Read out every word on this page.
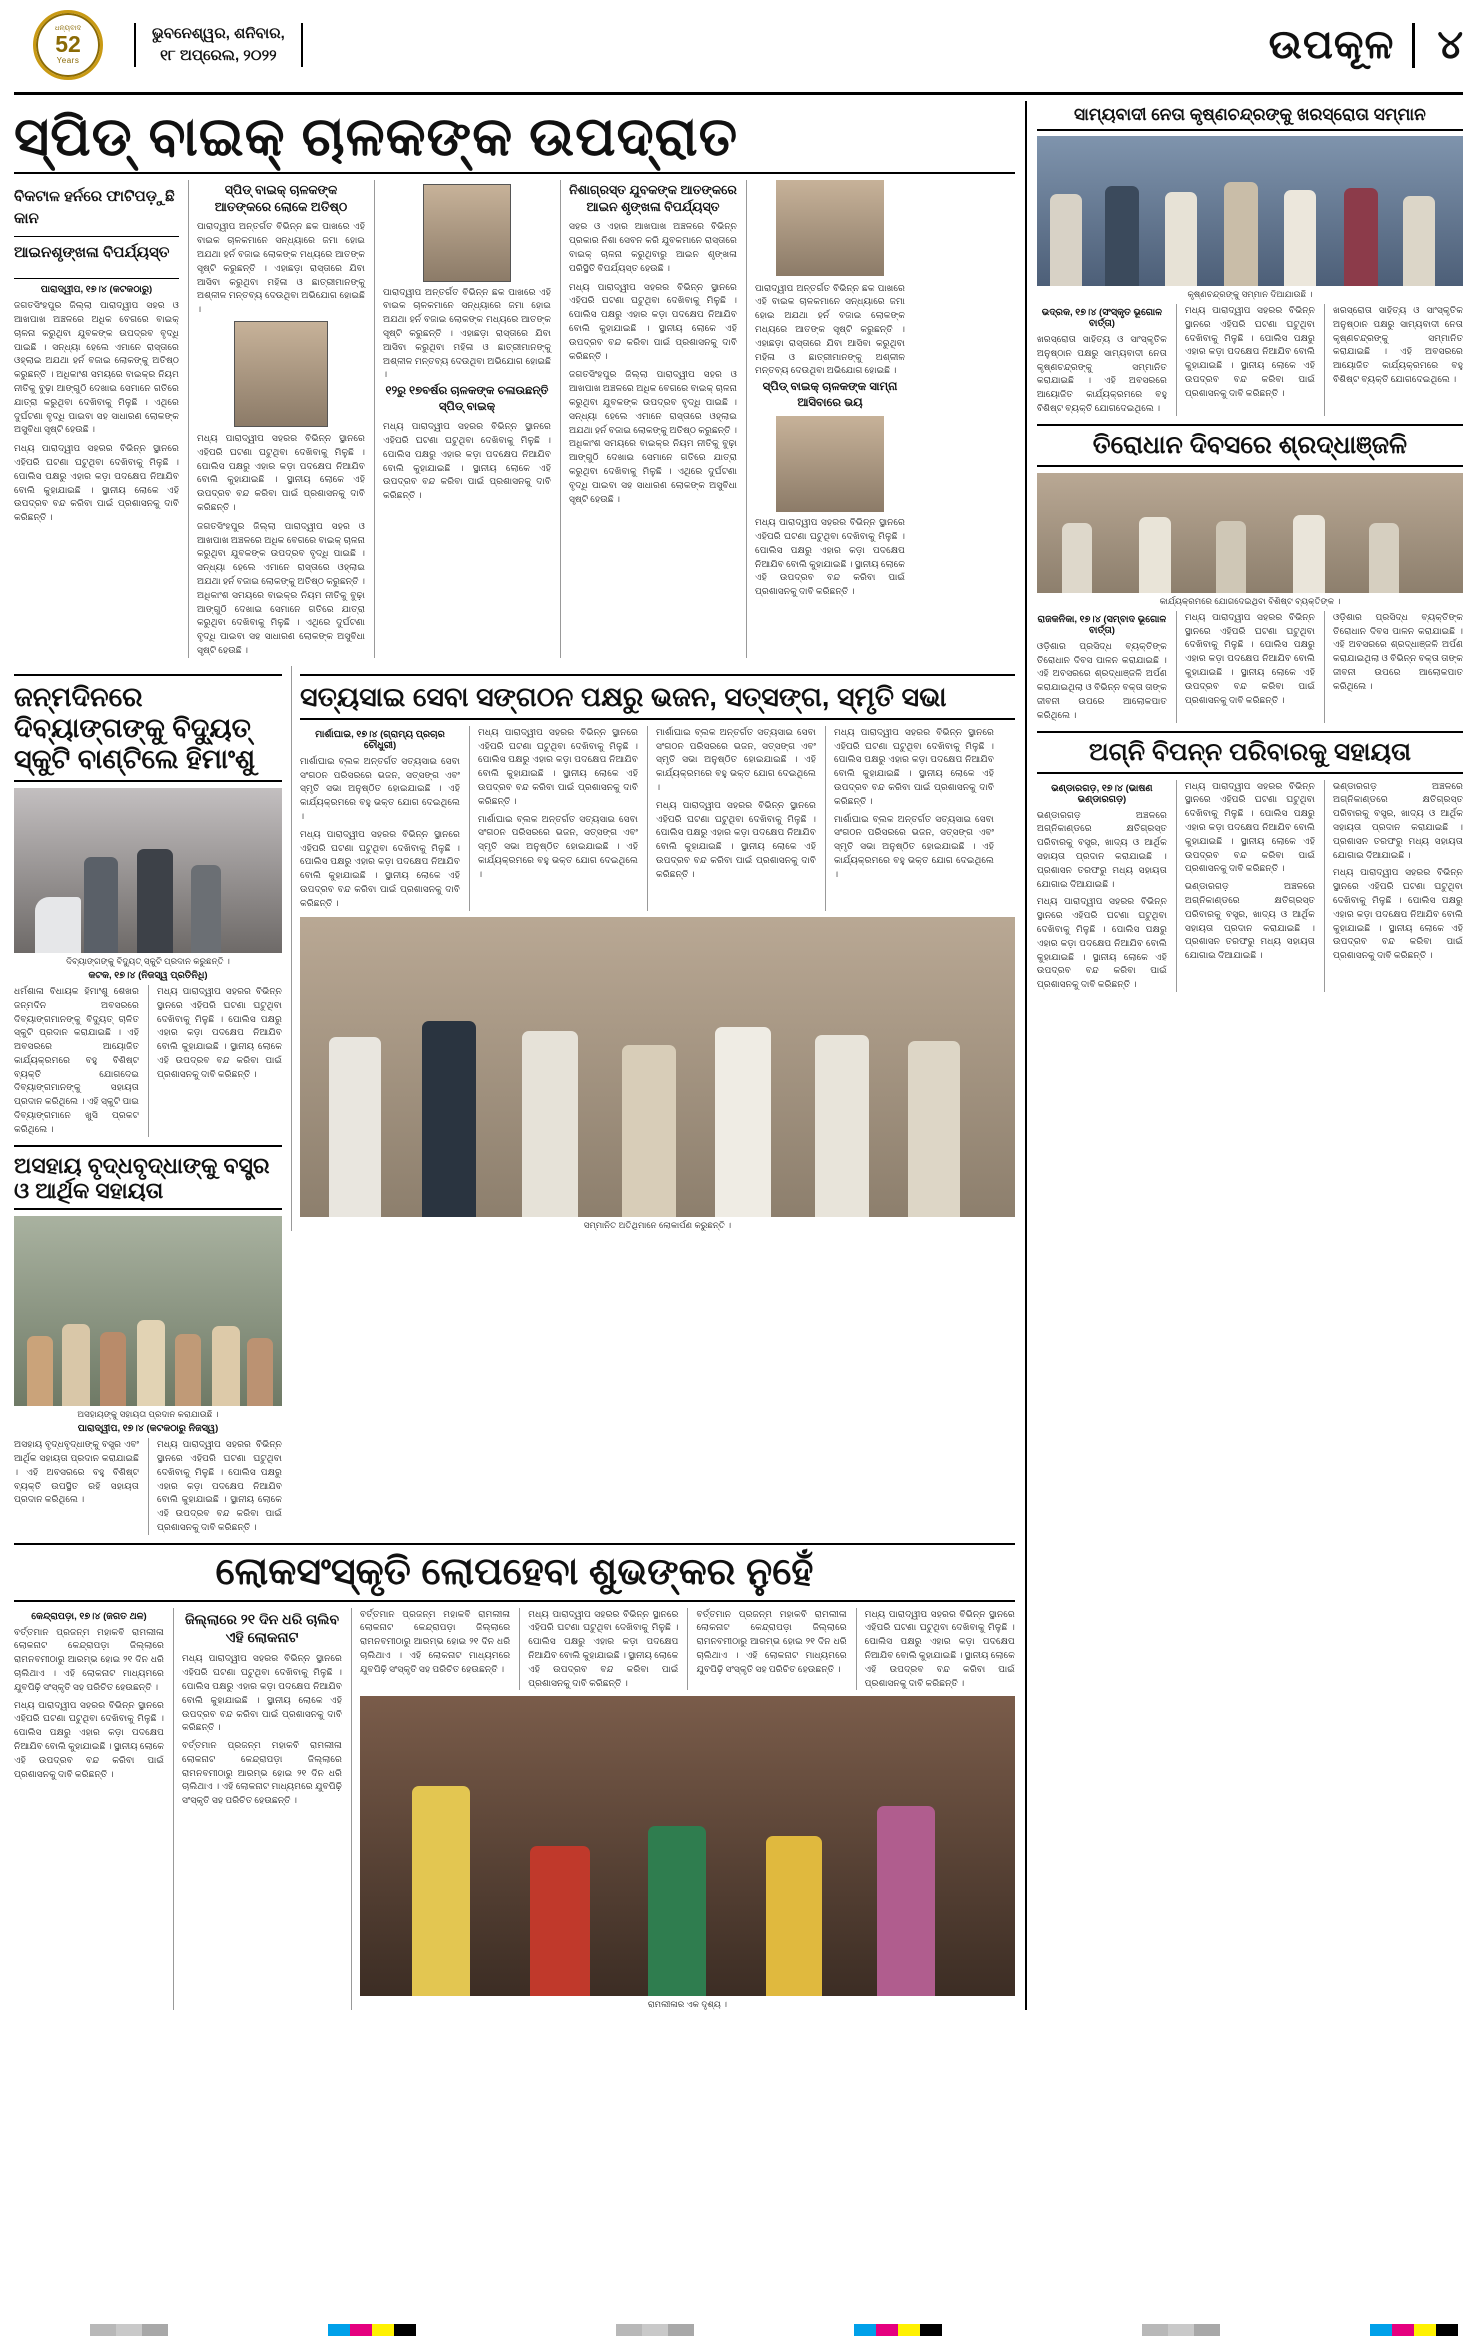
ଧନ୍ୟବାଦ
52
Years
ଭୁବନେଶ୍ୱର, ଶନିବାର,
୧୮ ଅପ୍ରେଲ, ୨୦୨୨	ଉପକୂଳ	୪
ସ୍ପିଡ୍ ବାଇକ୍ ଚାଳକଙ୍କ ଉପଦ୍ରାତ
ବିକଟାଳ ହର୍ନରେ ଫାଟିପଡ଼ୁଛି କାନ
ଆଇନଶୃଙ୍ଖଳା ବିପର୍ଯ୍ୟସ୍ତ
ପାରାଦ୍ୱୀପ, ୧୭।୪ (କଟକଠାରୁ)
ଜଗତସିଂହପୁର ଜିଲ୍ଲା ପାରାଦ୍ୱୀପ ସହର ଓ ଆଖପାଖ ଅଞ୍ଚଳରେ ଅଧିକ ବେଗରେ ବାଇକ୍ ଚାଳନା କରୁଥିବା ଯୁବକଙ୍କ ଉପଦ୍ରବ ବୃଦ୍ଧି ପାଇଛି । ସନ୍ଧ୍ୟା ହେଲେ ଏମାନେ ରାସ୍ତାରେ ଓହ୍ଲାଇ ଅଯଥା ହର୍ନ ବଜାଇ ଲୋକଙ୍କୁ ଅତିଷ୍ଠ କରୁଛନ୍ତି । ଅଧିକାଂଶ ସମୟରେ ବାଇକ୍‌ର ନିୟମ ନୀତିକୁ ବୁଢ଼ା ଆଙ୍ଗୁଠି ଦେଖାଇ ସେମାନେ ଗତିରେ ଯାତ୍ରା କରୁଥିବା ଦେଖିବାକୁ ମିଳୁଛି । ଏଥିରେ ଦୁର୍ଘଟଣା ବୃଦ୍ଧି ପାଇବା ସହ ସାଧାରଣ ଲୋକଙ୍କ ଅସୁବିଧା ସୃଷ୍ଟି ହେଉଛି ।
ମଧ୍ୟ ପାରାଦ୍ୱୀପ ସହରର ବିଭିନ୍ନ ସ୍ଥାନରେ ଏହିପରି ଘଟଣା ଘଟୁଥିବା ଦେଖିବାକୁ ମିଳୁଛି । ପୋଲିସ ପକ୍ଷରୁ ଏହାର କଡ଼ା ପଦକ୍ଷେପ ନିଆଯିବ ବୋଲି କୁହାଯାଇଛି । ସ୍ଥାନୀୟ ଲୋକେ ଏହି ଉପଦ୍ରବ ବନ୍ଦ କରିବା ପାଇଁ ପ୍ରଶାସନକୁ ଦାବି କରିଛନ୍ତି ।
ସ୍ପିଡ୍ ବାଇକ୍ ଚାଳକଙ୍କ ଆତଙ୍କରେ ଲୋକେ ଅତିଷ୍ଠ
ପାରାଦ୍ୱୀପ ଅନ୍ତର୍ଗତ ବିଭିନ୍ନ ଛକ ପାଖରେ ଏହି ବାଇକ ଚାଳକମାନେ ସନ୍ଧ୍ୟାରେ ଜମା ହୋଇ ଅଯଥା ହର୍ନ ବଜାଇ ଲୋକଙ୍କ ମଧ୍ୟରେ ଆତଙ୍କ ସୃଷ୍ଟି କରୁଛନ୍ତି । ଏହାଛଡ଼ା ରାସ୍ତାରେ ଯିବା ଆସିବା କରୁଥିବା ମହିଳା ଓ ଛାତ୍ରୀମାନଙ୍କୁ ଅଶ୍ଳୀଳ ମନ୍ତବ୍ୟ ଦେଉଥିବା ଅଭିଯୋଗ ହୋଇଛି ।
ମଧ୍ୟ ପାରାଦ୍ୱୀପ ସହରର ବିଭିନ୍ନ ସ୍ଥାନରେ ଏହିପରି ଘଟଣା ଘଟୁଥିବା ଦେଖିବାକୁ ମିଳୁଛି । ପୋଲିସ ପକ୍ଷରୁ ଏହାର କଡ଼ା ପଦକ୍ଷେପ ନିଆଯିବ ବୋଲି କୁହାଯାଇଛି । ସ୍ଥାନୀୟ ଲୋକେ ଏହି ଉପଦ୍ରବ ବନ୍ଦ କରିବା ପାଇଁ ପ୍ରଶାସନକୁ ଦାବି କରିଛନ୍ତି ।
ଜଗତସିଂହପୁର ଜିଲ୍ଲା ପାରାଦ୍ୱୀପ ସହର ଓ ଆଖପାଖ ଅଞ୍ଚଳରେ ଅଧିକ ବେଗରେ ବାଇକ୍ ଚାଳନା କରୁଥିବା ଯୁବକଙ୍କ ଉପଦ୍ରବ ବୃଦ୍ଧି ପାଇଛି । ସନ୍ଧ୍ୟା ହେଲେ ଏମାନେ ରାସ୍ତାରେ ଓହ୍ଲାଇ ଅଯଥା ହର୍ନ ବଜାଇ ଲୋକଙ୍କୁ ଅତିଷ୍ଠ କରୁଛନ୍ତି । ଅଧିକାଂଶ ସମୟରେ ବାଇକ୍‌ର ନିୟମ ନୀତିକୁ ବୁଢ଼ା ଆଙ୍ଗୁଠି ଦେଖାଇ ସେମାନେ ଗତିରେ ଯାତ୍ରା କରୁଥିବା ଦେଖିବାକୁ ମିଳୁଛି । ଏଥିରେ ଦୁର୍ଘଟଣା ବୃଦ୍ଧି ପାଇବା ସହ ସାଧାରଣ ଲୋକଙ୍କ ଅସୁବିଧା ସୃଷ୍ଟି ହେଉଛି ।
ପାରାଦ୍ୱୀପ ଅନ୍ତର୍ଗତ ବିଭିନ୍ନ ଛକ ପାଖରେ ଏହି ବାଇକ ଚାଳକମାନେ ସନ୍ଧ୍ୟାରେ ଜମା ହୋଇ ଅଯଥା ହର୍ନ ବଜାଇ ଲୋକଙ୍କ ମଧ୍ୟରେ ଆତଙ୍କ ସୃଷ୍ଟି କରୁଛନ୍ତି । ଏହାଛଡ଼ା ରାସ୍ତାରେ ଯିବା ଆସିବା କରୁଥିବା ମହିଳା ଓ ଛାତ୍ରୀମାନଙ୍କୁ ଅଶ୍ଳୀଳ ମନ୍ତବ୍ୟ ଦେଉଥିବା ଅଭିଯୋଗ ହୋଇଛି ।
୧୨ରୁ ୧୭ବର୍ଷର ଚାଳକଙ୍କ ଚଳାଉଛନ୍ତି ସ୍ପିଡ୍ ବାଇକ୍
ମଧ୍ୟ ପାରାଦ୍ୱୀପ ସହରର ବିଭିନ୍ନ ସ୍ଥାନରେ ଏହିପରି ଘଟଣା ଘଟୁଥିବା ଦେଖିବାକୁ ମିଳୁଛି । ପୋଲିସ ପକ୍ଷରୁ ଏହାର କଡ଼ା ପଦକ୍ଷେପ ନିଆଯିବ ବୋଲି କୁହାଯାଇଛି । ସ୍ଥାନୀୟ ଲୋକେ ଏହି ଉପଦ୍ରବ ବନ୍ଦ କରିବା ପାଇଁ ପ୍ରଶାସନକୁ ଦାବି କରିଛନ୍ତି ।
ନିଶାଗ୍ରସ୍ତ ଯୁବକଙ୍କ ଆତଙ୍କରେ ଆଇନ ଶୃଙ୍ଖଳା ବିପର୍ଯ୍ୟସ୍ତ
ସହର ଓ ଏହାର ଆଖପାଖ ଅଞ୍ଚଳରେ ବିଭିନ୍ନ ପ୍ରକାର ନିଶା ସେବନ କରି ଯୁବକମାନେ ରାସ୍ତାରେ ବାଇକ୍ ଚାଳନା କରୁଥିବାରୁ ଆଇନ ଶୃଙ୍ଖଳା ପରିସ୍ଥିତି ବିପର୍ଯ୍ୟସ୍ତ ହେଉଛି ।
ମଧ୍ୟ ପାରାଦ୍ୱୀପ ସହରର ବିଭିନ୍ନ ସ୍ଥାନରେ ଏହିପରି ଘଟଣା ଘଟୁଥିବା ଦେଖିବାକୁ ମିଳୁଛି । ପୋଲିସ ପକ୍ଷରୁ ଏହାର କଡ଼ା ପଦକ୍ଷେପ ନିଆଯିବ ବୋଲି କୁହାଯାଇଛି । ସ୍ଥାନୀୟ ଲୋକେ ଏହି ଉପଦ୍ରବ ବନ୍ଦ କରିବା ପାଇଁ ପ୍ରଶାସନକୁ ଦାବି କରିଛନ୍ତି ।
ଜଗତସିଂହପୁର ଜିଲ୍ଲା ପାରାଦ୍ୱୀପ ସହର ଓ ଆଖପାଖ ଅଞ୍ଚଳରେ ଅଧିକ ବେଗରେ ବାଇକ୍ ଚାଳନା କରୁଥିବା ଯୁବକଙ୍କ ଉପଦ୍ରବ ବୃଦ୍ଧି ପାଇଛି । ସନ୍ଧ୍ୟା ହେଲେ ଏମାନେ ରାସ୍ତାରେ ଓହ୍ଲାଇ ଅଯଥା ହର୍ନ ବଜାଇ ଲୋକଙ୍କୁ ଅତିଷ୍ଠ କରୁଛନ୍ତି । ଅଧିକାଂଶ ସମୟରେ ବାଇକ୍‌ର ନିୟମ ନୀତିକୁ ବୁଢ଼ା ଆଙ୍ଗୁଠି ଦେଖାଇ ସେମାନେ ଗତିରେ ଯାତ୍ରା କରୁଥିବା ଦେଖିବାକୁ ମିଳୁଛି । ଏଥିରେ ଦୁର୍ଘଟଣା ବୃଦ୍ଧି ପାଇବା ସହ ସାଧାରଣ ଲୋକଙ୍କ ଅସୁବିଧା ସୃଷ୍ଟି ହେଉଛି ।
ପାରାଦ୍ୱୀପ ଅନ୍ତର୍ଗତ ବିଭିନ୍ନ ଛକ ପାଖରେ ଏହି ବାଇକ ଚାଳକମାନେ ସନ୍ଧ୍ୟାରେ ଜମା ହୋଇ ଅଯଥା ହର୍ନ ବଜାଇ ଲୋକଙ୍କ ମଧ୍ୟରେ ଆତଙ୍କ ସୃଷ୍ଟି କରୁଛନ୍ତି । ଏହାଛଡ଼ା ରାସ୍ତାରେ ଯିବା ଆସିବା କରୁଥିବା ମହିଳା ଓ ଛାତ୍ରୀମାନଙ୍କୁ ଅଶ୍ଳୀଳ ମନ୍ତବ୍ୟ ଦେଉଥିବା ଅଭିଯୋଗ ହୋଇଛି ।
ସ୍ପିଡ୍ ବାଇକ୍ ଚାଳକଙ୍କ ସାମ୍ନା ଆସିବାରେ ଭୟ
ମଧ୍ୟ ପାରାଦ୍ୱୀପ ସହରର ବିଭିନ୍ନ ସ୍ଥାନରେ ଏହିପରି ଘଟଣା ଘଟୁଥିବା ଦେଖିବାକୁ ମିଳୁଛି । ପୋଲିସ ପକ୍ଷରୁ ଏହାର କଡ଼ା ପଦକ୍ଷେପ ନିଆଯିବ ବୋଲି କୁହାଯାଇଛି । ସ୍ଥାନୀୟ ଲୋକେ ଏହି ଉପଦ୍ରବ ବନ୍ଦ କରିବା ପାଇଁ ପ୍ରଶାସନକୁ ଦାବି କରିଛନ୍ତି ।
ଜନ୍ମଦିନରେ ଦିବ୍ୟାଙ୍ଗଙ୍କୁ ବିଦ୍ୟୁତ୍ ସ୍କୁଟି ବାଣ୍ଟିଲେ ହିମାଂଶୁ
ଦିବ୍ୟାଙ୍ଗଙ୍କୁ ବିଦ୍ୟୁତ୍ ସ୍କୁଟି ପ୍ରଦାନ କରୁଛନ୍ତି ।
କଟକ, ୧୭।୪ (ନିଜସ୍ୱ ପ୍ରତିନିଧି)
ଧର୍ମଶାଳା ବିଧାୟକ ହିମାଂଶୁ ଶେଖର ଜନ୍ମଦିନ ଅବସରରେ ଦିବ୍ୟାଙ୍ଗମାନଙ୍କୁ ବିଦ୍ୟୁତ୍ ଚାଳିତ ସ୍କୁଟି ପ୍ରଦାନ କରାଯାଇଛି । ଏହି ଅବସରରେ ଆୟୋଜିତ କାର୍ଯ୍ୟକ୍ରମରେ ବହୁ ବିଶିଷ୍ଟ ବ୍ୟକ୍ତି ଯୋଗଦେଇ ଦିବ୍ୟାଙ୍ଗମାନଙ୍କୁ ସହାୟତା ପ୍ରଦାନ କରିଥିଲେ । ଏହି ସ୍କୁଟି ପାଇ ଦିବ୍ୟାଙ୍ଗମାନେ ଖୁସି ପ୍ରକଟ କରିଥିଲେ ।
ମଧ୍ୟ ପାରାଦ୍ୱୀପ ସହରର ବିଭିନ୍ନ ସ୍ଥାନରେ ଏହିପରି ଘଟଣା ଘଟୁଥିବା ଦେଖିବାକୁ ମିଳୁଛି । ପୋଲିସ ପକ୍ଷରୁ ଏହାର କଡ଼ା ପଦକ୍ଷେପ ନିଆଯିବ ବୋଲି କୁହାଯାଇଛି । ସ୍ଥାନୀୟ ଲୋକେ ଏହି ଉପଦ୍ରବ ବନ୍ଦ କରିବା ପାଇଁ ପ୍ରଶାସନକୁ ଦାବି କରିଛନ୍ତି ।
ଅସହାୟ ବୃଦ୍ଧବୃଦ୍ଧାଙ୍କୁ ବସ୍ତ୍ର ଓ ଆର୍ଥିକ ସହାୟତା
ଅସହାୟଙ୍କୁ ସହାୟତା ପ୍ରଦାନ କରାଯାଉଛି ।
ପାରାଦ୍ୱୀପ, ୧୭।୪ (କଟକଠାରୁ ନିଜସ୍ୱ)
ଅସହାୟ ବୃଦ୍ଧବୃଦ୍ଧାଙ୍କୁ ବସ୍ତ୍ର ଏବଂ ଆର୍ଥିକ ସହାୟତା ପ୍ରଦାନ କରାଯାଇଛି । ଏହି ଅବସରରେ ବହୁ ବିଶିଷ୍ଟ ବ୍ୟକ୍ତି ଉପସ୍ଥିତ ରହି ସହାୟତା ପ୍ରଦାନ କରିଥିଲେ ।
ମଧ୍ୟ ପାରାଦ୍ୱୀପ ସହରର ବିଭିନ୍ନ ସ୍ଥାନରେ ଏହିପରି ଘଟଣା ଘଟୁଥିବା ଦେଖିବାକୁ ମିଳୁଛି । ପୋଲିସ ପକ୍ଷରୁ ଏହାର କଡ଼ା ପଦକ୍ଷେପ ନିଆଯିବ ବୋଲି କୁହାଯାଇଛି । ସ୍ଥାନୀୟ ଲୋକେ ଏହି ଉପଦ୍ରବ ବନ୍ଦ କରିବା ପାଇଁ ପ୍ରଶାସନକୁ ଦାବି କରିଛନ୍ତି ।
ସତ୍ୟସାଇ ସେବା ସଙ୍ଗଠନ ପକ୍ଷରୁ ଭଜନ, ସତ୍ସଙ୍ଗ, ସ୍ମୃତି ସଭା
ମାର୍ଶାଘାଇ, ୧୭।୪ (ଗ୍ରାମ୍ୟ ପ୍ରଚାର ଚୌଧୁରୀ)
ମାର୍ଶାଘାଇ ବ୍ଲକ ଅନ୍ତର୍ଗତ ସତ୍ୟସାଇ ସେବା ସଂଗଠନ ପରିସରରେ ଭଜନ, ସତ୍ସଙ୍ଗ ଏବଂ ସ୍ମୃତି ସଭା ଅନୁଷ୍ଠିତ ହୋଇଯାଇଛି । ଏହି କାର୍ଯ୍ୟକ୍ରମରେ ବହୁ ଭକ୍ତ ଯୋଗ ଦେଇଥିଲେ ।
ମଧ୍ୟ ପାରାଦ୍ୱୀପ ସହରର ବିଭିନ୍ନ ସ୍ଥାନରେ ଏହିପରି ଘଟଣା ଘଟୁଥିବା ଦେଖିବାକୁ ମିଳୁଛି । ପୋଲିସ ପକ୍ଷରୁ ଏହାର କଡ଼ା ପଦକ୍ଷେପ ନିଆଯିବ ବୋଲି କୁହାଯାଇଛି । ସ୍ଥାନୀୟ ଲୋକେ ଏହି ଉପଦ୍ରବ ବନ୍ଦ କରିବା ପାଇଁ ପ୍ରଶାସନକୁ ଦାବି କରିଛନ୍ତି ।
ମଧ୍ୟ ପାରାଦ୍ୱୀପ ସହରର ବିଭିନ୍ନ ସ୍ଥାନରେ ଏହିପରି ଘଟଣା ଘଟୁଥିବା ଦେଖିବାକୁ ମିଳୁଛି । ପୋଲିସ ପକ୍ଷରୁ ଏହାର କଡ଼ା ପଦକ୍ଷେପ ନିଆଯିବ ବୋଲି କୁହାଯାଇଛି । ସ୍ଥାନୀୟ ଲୋକେ ଏହି ଉପଦ୍ରବ ବନ୍ଦ କରିବା ପାଇଁ ପ୍ରଶାସନକୁ ଦାବି କରିଛନ୍ତି ।
ମାର୍ଶାଘାଇ ବ୍ଲକ ଅନ୍ତର୍ଗତ ସତ୍ୟସାଇ ସେବା ସଂଗଠନ ପରିସରରେ ଭଜନ, ସତ୍ସଙ୍ଗ ଏବଂ ସ୍ମୃତି ସଭା ଅନୁଷ୍ଠିତ ହୋଇଯାଇଛି । ଏହି କାର୍ଯ୍ୟକ୍ରମରେ ବହୁ ଭକ୍ତ ଯୋଗ ଦେଇଥିଲେ ।
ମାର୍ଶାଘାଇ ବ୍ଲକ ଅନ୍ତର୍ଗତ ସତ୍ୟସାଇ ସେବା ସଂଗଠନ ପରିସରରେ ଭଜନ, ସତ୍ସଙ୍ଗ ଏବଂ ସ୍ମୃତି ସଭା ଅନୁଷ୍ଠିତ ହୋଇଯାଇଛି । ଏହି କାର୍ଯ୍ୟକ୍ରମରେ ବହୁ ଭକ୍ତ ଯୋଗ ଦେଇଥିଲେ ।
ମଧ୍ୟ ପାରାଦ୍ୱୀପ ସହରର ବିଭିନ୍ନ ସ୍ଥାନରେ ଏହିପରି ଘଟଣା ଘଟୁଥିବା ଦେଖିବାକୁ ମିଳୁଛି । ପୋଲିସ ପକ୍ଷରୁ ଏହାର କଡ଼ା ପଦକ୍ଷେପ ନିଆଯିବ ବୋଲି କୁହାଯାଇଛି । ସ୍ଥାନୀୟ ଲୋକେ ଏହି ଉପଦ୍ରବ ବନ୍ଦ କରିବା ପାଇଁ ପ୍ରଶାସନକୁ ଦାବି କରିଛନ୍ତି ।
ମଧ୍ୟ ପାରାଦ୍ୱୀପ ସହରର ବିଭିନ୍ନ ସ୍ଥାନରେ ଏହିପରି ଘଟଣା ଘଟୁଥିବା ଦେଖିବାକୁ ମିଳୁଛି । ପୋଲିସ ପକ୍ଷରୁ ଏହାର କଡ଼ା ପଦକ୍ଷେପ ନିଆଯିବ ବୋଲି କୁହାଯାଇଛି । ସ୍ଥାନୀୟ ଲୋକେ ଏହି ଉପଦ୍ରବ ବନ୍ଦ କରିବା ପାଇଁ ପ୍ରଶାସନକୁ ଦାବି କରିଛନ୍ତି ।
ମାର୍ଶାଘାଇ ବ୍ଲକ ଅନ୍ତର୍ଗତ ସତ୍ୟସାଇ ସେବା ସଂଗଠନ ପରିସରରେ ଭଜନ, ସତ୍ସଙ୍ଗ ଏବଂ ସ୍ମୃତି ସଭା ଅନୁଷ୍ଠିତ ହୋଇଯାଇଛି । ଏହି କାର୍ଯ୍ୟକ୍ରମରେ ବହୁ ଭକ୍ତ ଯୋଗ ଦେଇଥିଲେ ।
ସମ୍ମାନିତ ଅତିଥିମାନେ ଲୋକାର୍ପଣ କରୁଛନ୍ତି ।
ଲୋକସଂସ୍କୃତି ଲୋପହେବା ଶୁଭଙ୍କର ନୁହେଁ
କେନ୍ଦ୍ରାପଡ଼ା, ୧୭।୪ (ଜଗତ ଥଳ)
ବର୍ତ୍ତମାନ ପ୍ରଜନ୍ମ ମହାକବି ରାମଲୀଳା ଲୋକନାଟ କେନ୍ଦ୍ରାପଡ଼ା ଜିଲ୍ଲାରେ ରାମନବମୀଠାରୁ ଆରମ୍ଭ ହୋଇ ୨୧ ଦିନ ଧରି ଚାଲିଥାଏ । ଏହି ଲୋକନାଟ ମାଧ୍ୟମରେ ଯୁବପିଢ଼ି ସଂସ୍କୃତି ସହ ପରିଚିତ ହେଉଛନ୍ତି ।
ମଧ୍ୟ ପାରାଦ୍ୱୀପ ସହରର ବିଭିନ୍ନ ସ୍ଥାନରେ ଏହିପରି ଘଟଣା ଘଟୁଥିବା ଦେଖିବାକୁ ମିଳୁଛି । ପୋଲିସ ପକ୍ଷରୁ ଏହାର କଡ଼ା ପଦକ୍ଷେପ ନିଆଯିବ ବୋଲି କୁହାଯାଇଛି । ସ୍ଥାନୀୟ ଲୋକେ ଏହି ଉପଦ୍ରବ ବନ୍ଦ କରିବା ପାଇଁ ପ୍ରଶାସନକୁ ଦାବି କରିଛନ୍ତି ।
ଜିଲ୍ଲାରେ ୨୧ ଦିନ ଧରି ଚାଲିବ ଏହି ଲୋକନାଟ
ମଧ୍ୟ ପାରାଦ୍ୱୀପ ସହରର ବିଭିନ୍ନ ସ୍ଥାନରେ ଏହିପରି ଘଟଣା ଘଟୁଥିବା ଦେଖିବାକୁ ମିଳୁଛି । ପୋଲିସ ପକ୍ଷରୁ ଏହାର କଡ଼ା ପଦକ୍ଷେପ ନିଆଯିବ ବୋଲି କୁହାଯାଇଛି । ସ୍ଥାନୀୟ ଲୋକେ ଏହି ଉପଦ୍ରବ ବନ୍ଦ କରିବା ପାଇଁ ପ୍ରଶାସନକୁ ଦାବି କରିଛନ୍ତି ।
ବର୍ତ୍ତମାନ ପ୍ରଜନ୍ମ ମହାକବି ରାମଲୀଳା ଲୋକନାଟ କେନ୍ଦ୍ରାପଡ଼ା ଜିଲ୍ଲାରେ ରାମନବମୀଠାରୁ ଆରମ୍ଭ ହୋଇ ୨୧ ଦିନ ଧରି ଚାଲିଥାଏ । ଏହି ଲୋକନାଟ ମାଧ୍ୟମରେ ଯୁବପିଢ଼ି ସଂସ୍କୃତି ସହ ପରିଚିତ ହେଉଛନ୍ତି ।
ବର୍ତ୍ତମାନ ପ୍ରଜନ୍ମ ମହାକବି ରାମଲୀଳା ଲୋକନାଟ କେନ୍ଦ୍ରାପଡ଼ା ଜିଲ୍ଲାରେ ରାମନବମୀଠାରୁ ଆରମ୍ଭ ହୋଇ ୨୧ ଦିନ ଧରି ଚାଲିଥାଏ । ଏହି ଲୋକନାଟ ମାଧ୍ୟମରେ ଯୁବପିଢ଼ି ସଂସ୍କୃତି ସହ ପରିଚିତ ହେଉଛନ୍ତି ।
ମଧ୍ୟ ପାରାଦ୍ୱୀପ ସହରର ବିଭିନ୍ନ ସ୍ଥାନରେ ଏହିପରି ଘଟଣା ଘଟୁଥିବା ଦେଖିବାକୁ ମିଳୁଛି । ପୋଲିସ ପକ୍ଷରୁ ଏହାର କଡ଼ା ପଦକ୍ଷେପ ନିଆଯିବ ବୋଲି କୁହାଯାଇଛି । ସ୍ଥାନୀୟ ଲୋକେ ଏହି ଉପଦ୍ରବ ବନ୍ଦ କରିବା ପାଇଁ ପ୍ରଶାସନକୁ ଦାବି କରିଛନ୍ତି ।
ବର୍ତ୍ତମାନ ପ୍ରଜନ୍ମ ମହାକବି ରାମଲୀଳା ଲୋକନାଟ କେନ୍ଦ୍ରାପଡ଼ା ଜିଲ୍ଲାରେ ରାମନବମୀଠାରୁ ଆରମ୍ଭ ହୋଇ ୨୧ ଦିନ ଧରି ଚାଲିଥାଏ । ଏହି ଲୋକନାଟ ମାଧ୍ୟମରେ ଯୁବପିଢ଼ି ସଂସ୍କୃତି ସହ ପରିଚିତ ହେଉଛନ୍ତି ।
ମଧ୍ୟ ପାରାଦ୍ୱୀପ ସହରର ବିଭିନ୍ନ ସ୍ଥାନରେ ଏହିପରି ଘଟଣା ଘଟୁଥିବା ଦେଖିବାକୁ ମିଳୁଛି । ପୋଲିସ ପକ୍ଷରୁ ଏହାର କଡ଼ା ପଦକ୍ଷେପ ନିଆଯିବ ବୋଲି କୁହାଯାଇଛି । ସ୍ଥାନୀୟ ଲୋକେ ଏହି ଉପଦ୍ରବ ବନ୍ଦ କରିବା ପାଇଁ ପ୍ରଶାସନକୁ ଦାବି କରିଛନ୍ତି ।
ରାମଲୀଳାର ଏକ ଦୃଶ୍ୟ ।
ସାମ୍ୟବାଦୀ ନେତା କୃଷ୍ଣଚନ୍ଦ୍ରଙ୍କୁ ଖରସ୍ରୋତା ସମ୍ମାନ
କୃଷ୍ଣଚନ୍ଦ୍ରଙ୍କୁ ସମ୍ମାନ ଦିଆଯାଉଛି ।
ଭଦ୍ରକ, ୧୭।୪ (ସଂସ୍କୃତ ଭୂଗୋଳ ବାର୍ତ୍ତା)
ଖରସ୍ରୋତା ସାହିତ୍ୟ ଓ ସାଂସ୍କୃତିକ ଅନୁଷ୍ଠାନ ପକ୍ଷରୁ ସାମ୍ୟବାଦୀ ନେତା କୃଷ୍ଣଚନ୍ଦ୍ରଙ୍କୁ ସମ୍ମାନିତ କରାଯାଇଛି । ଏହି ଅବସରରେ ଆୟୋଜିତ କାର୍ଯ୍ୟକ୍ରମରେ ବହୁ ବିଶିଷ୍ଟ ବ୍ୟକ୍ତି ଯୋଗଦେଇଥିଲେ ।
ମଧ୍ୟ ପାରାଦ୍ୱୀପ ସହରର ବିଭିନ୍ନ ସ୍ଥାନରେ ଏହିପରି ଘଟଣା ଘଟୁଥିବା ଦେଖିବାକୁ ମିଳୁଛି । ପୋଲିସ ପକ୍ଷରୁ ଏହାର କଡ଼ା ପଦକ୍ଷେପ ନିଆଯିବ ବୋଲି କୁହାଯାଇଛି । ସ୍ଥାନୀୟ ଲୋକେ ଏହି ଉପଦ୍ରବ ବନ୍ଦ କରିବା ପାଇଁ ପ୍ରଶାସନକୁ ଦାବି କରିଛନ୍ତି ।
ଖରସ୍ରୋତା ସାହିତ୍ୟ ଓ ସାଂସ୍କୃତିକ ଅନୁଷ୍ଠାନ ପକ୍ଷରୁ ସାମ୍ୟବାଦୀ ନେତା କୃଷ୍ଣଚନ୍ଦ୍ରଙ୍କୁ ସମ୍ମାନିତ କରାଯାଇଛି । ଏହି ଅବସରରେ ଆୟୋଜିତ କାର୍ଯ୍ୟକ୍ରମରେ ବହୁ ବିଶିଷ୍ଟ ବ୍ୟକ୍ତି ଯୋଗଦେଇଥିଲେ ।
ତିରୋଧାନ ଦିବସରେ ଶ୍ରଦ୍ଧାଞ୍ଜଳି
କାର୍ଯ୍ୟକ୍ରମରେ ଯୋଗଦେଇଥିବା ବିଶିଷ୍ଟ ବ୍ୟକ୍ତିଙ୍କ ।
ରାଜକନିକା, ୧୭।୪ (ସମ୍ବାଦ ଭୂଗୋଳ ବାର୍ତ୍ତା)
ଓଡ଼ିଶାର ପ୍ରସିଦ୍ଧ ବ୍ୟକ୍ତିଙ୍କ ତିରୋଧାନ ଦିବସ ପାଳନ କରାଯାଇଛି । ଏହି ଅବସରରେ ଶ୍ରଦ୍ଧାଞ୍ଜଳି ଅର୍ପଣ କରାଯାଇଥିଲା ଓ ବିଭିନ୍ନ ବକ୍ତା ତାଙ୍କ ଜୀବନୀ ଉପରେ ଆଲୋକପାତ କରିଥିଲେ ।
ମଧ୍ୟ ପାରାଦ୍ୱୀପ ସହରର ବିଭିନ୍ନ ସ୍ଥାନରେ ଏହିପରି ଘଟଣା ଘଟୁଥିବା ଦେଖିବାକୁ ମିଳୁଛି । ପୋଲିସ ପକ୍ଷରୁ ଏହାର କଡ଼ା ପଦକ୍ଷେପ ନିଆଯିବ ବୋଲି କୁହାଯାଇଛି । ସ୍ଥାନୀୟ ଲୋକେ ଏହି ଉପଦ୍ରବ ବନ୍ଦ କରିବା ପାଇଁ ପ୍ରଶାସନକୁ ଦାବି କରିଛନ୍ତି ।
ଓଡ଼ିଶାର ପ୍ରସିଦ୍ଧ ବ୍ୟକ୍ତିଙ୍କ ତିରୋଧାନ ଦିବସ ପାଳନ କରାଯାଇଛି । ଏହି ଅବସରରେ ଶ୍ରଦ୍ଧାଞ୍ଜଳି ଅର୍ପଣ କରାଯାଇଥିଲା ଓ ବିଭିନ୍ନ ବକ୍ତା ତାଙ୍କ ଜୀବନୀ ଉପରେ ଆଲୋକପାତ କରିଥିଲେ ।
ଅଗ୍ନି ବିପନ୍ନ ପରିବାରକୁ ସହାୟତା
ଭଣ୍ଡାରଗଡ଼, ୧୭।୪ (ଭାଷଣ ଭଣ୍ଡାରଗଡ଼)
ଭଣ୍ଡାରଗଡ଼ ଅଞ୍ଚଳରେ ଅଗ୍ନିକାଣ୍ଡରେ କ୍ଷତିଗ୍ରସ୍ତ ପରିବାରକୁ ବସ୍ତ୍ର, ଖାଦ୍ୟ ଓ ଆର୍ଥିକ ସହାୟତା ପ୍ରଦାନ କରାଯାଇଛି । ପ୍ରଶାସନ ତରଫରୁ ମଧ୍ୟ ସହାୟତା ଯୋଗାଇ ଦିଆଯାଇଛି ।
ମଧ୍ୟ ପାରାଦ୍ୱୀପ ସହରର ବିଭିନ୍ନ ସ୍ଥାନରେ ଏହିପରି ଘଟଣା ଘଟୁଥିବା ଦେଖିବାକୁ ମିଳୁଛି । ପୋଲିସ ପକ୍ଷରୁ ଏହାର କଡ଼ା ପଦକ୍ଷେପ ନିଆଯିବ ବୋଲି କୁହାଯାଇଛି । ସ୍ଥାନୀୟ ଲୋକେ ଏହି ଉପଦ୍ରବ ବନ୍ଦ କରିବା ପାଇଁ ପ୍ରଶାସନକୁ ଦାବି କରିଛନ୍ତି ।
ମଧ୍ୟ ପାରାଦ୍ୱୀପ ସହରର ବିଭିନ୍ନ ସ୍ଥାନରେ ଏହିପରି ଘଟଣା ଘଟୁଥିବା ଦେଖିବାକୁ ମିଳୁଛି । ପୋଲିସ ପକ୍ଷରୁ ଏହାର କଡ଼ା ପଦକ୍ଷେପ ନିଆଯିବ ବୋଲି କୁହାଯାଇଛି । ସ୍ଥାନୀୟ ଲୋକେ ଏହି ଉପଦ୍ରବ ବନ୍ଦ କରିବା ପାଇଁ ପ୍ରଶାସନକୁ ଦାବି କରିଛନ୍ତି ।
ଭଣ୍ଡାରଗଡ଼ ଅଞ୍ଚଳରେ ଅଗ୍ନିକାଣ୍ଡରେ କ୍ଷତିଗ୍ରସ୍ତ ପରିବାରକୁ ବସ୍ତ୍ର, ଖାଦ୍ୟ ଓ ଆର୍ଥିକ ସହାୟତା ପ୍ରଦାନ କରାଯାଇଛି । ପ୍ରଶାସନ ତରଫରୁ ମଧ୍ୟ ସହାୟତା ଯୋଗାଇ ଦିଆଯାଇଛି ।
ଭଣ୍ଡାରଗଡ଼ ଅଞ୍ଚଳରେ ଅଗ୍ନିକାଣ୍ଡରେ କ୍ଷତିଗ୍ରସ୍ତ ପରିବାରକୁ ବସ୍ତ୍ର, ଖାଦ୍ୟ ଓ ଆର୍ଥିକ ସହାୟତା ପ୍ରଦାନ କରାଯାଇଛି । ପ୍ରଶାସନ ତରଫରୁ ମଧ୍ୟ ସହାୟତା ଯୋଗାଇ ଦିଆଯାଇଛି ।
ମଧ୍ୟ ପାରାଦ୍ୱୀପ ସହରର ବିଭିନ୍ନ ସ୍ଥାନରେ ଏହିପରି ଘଟଣା ଘଟୁଥିବା ଦେଖିବାକୁ ମିଳୁଛି । ପୋଲିସ ପକ୍ଷରୁ ଏହାର କଡ଼ା ପଦକ୍ଷେପ ନିଆଯିବ ବୋଲି କୁହାଯାଇଛି । ସ୍ଥାନୀୟ ଲୋକେ ଏହି ଉପଦ୍ରବ ବନ୍ଦ କରିବା ପାଇଁ ପ୍ରଶାସନକୁ ଦାବି କରିଛନ୍ତି ।
